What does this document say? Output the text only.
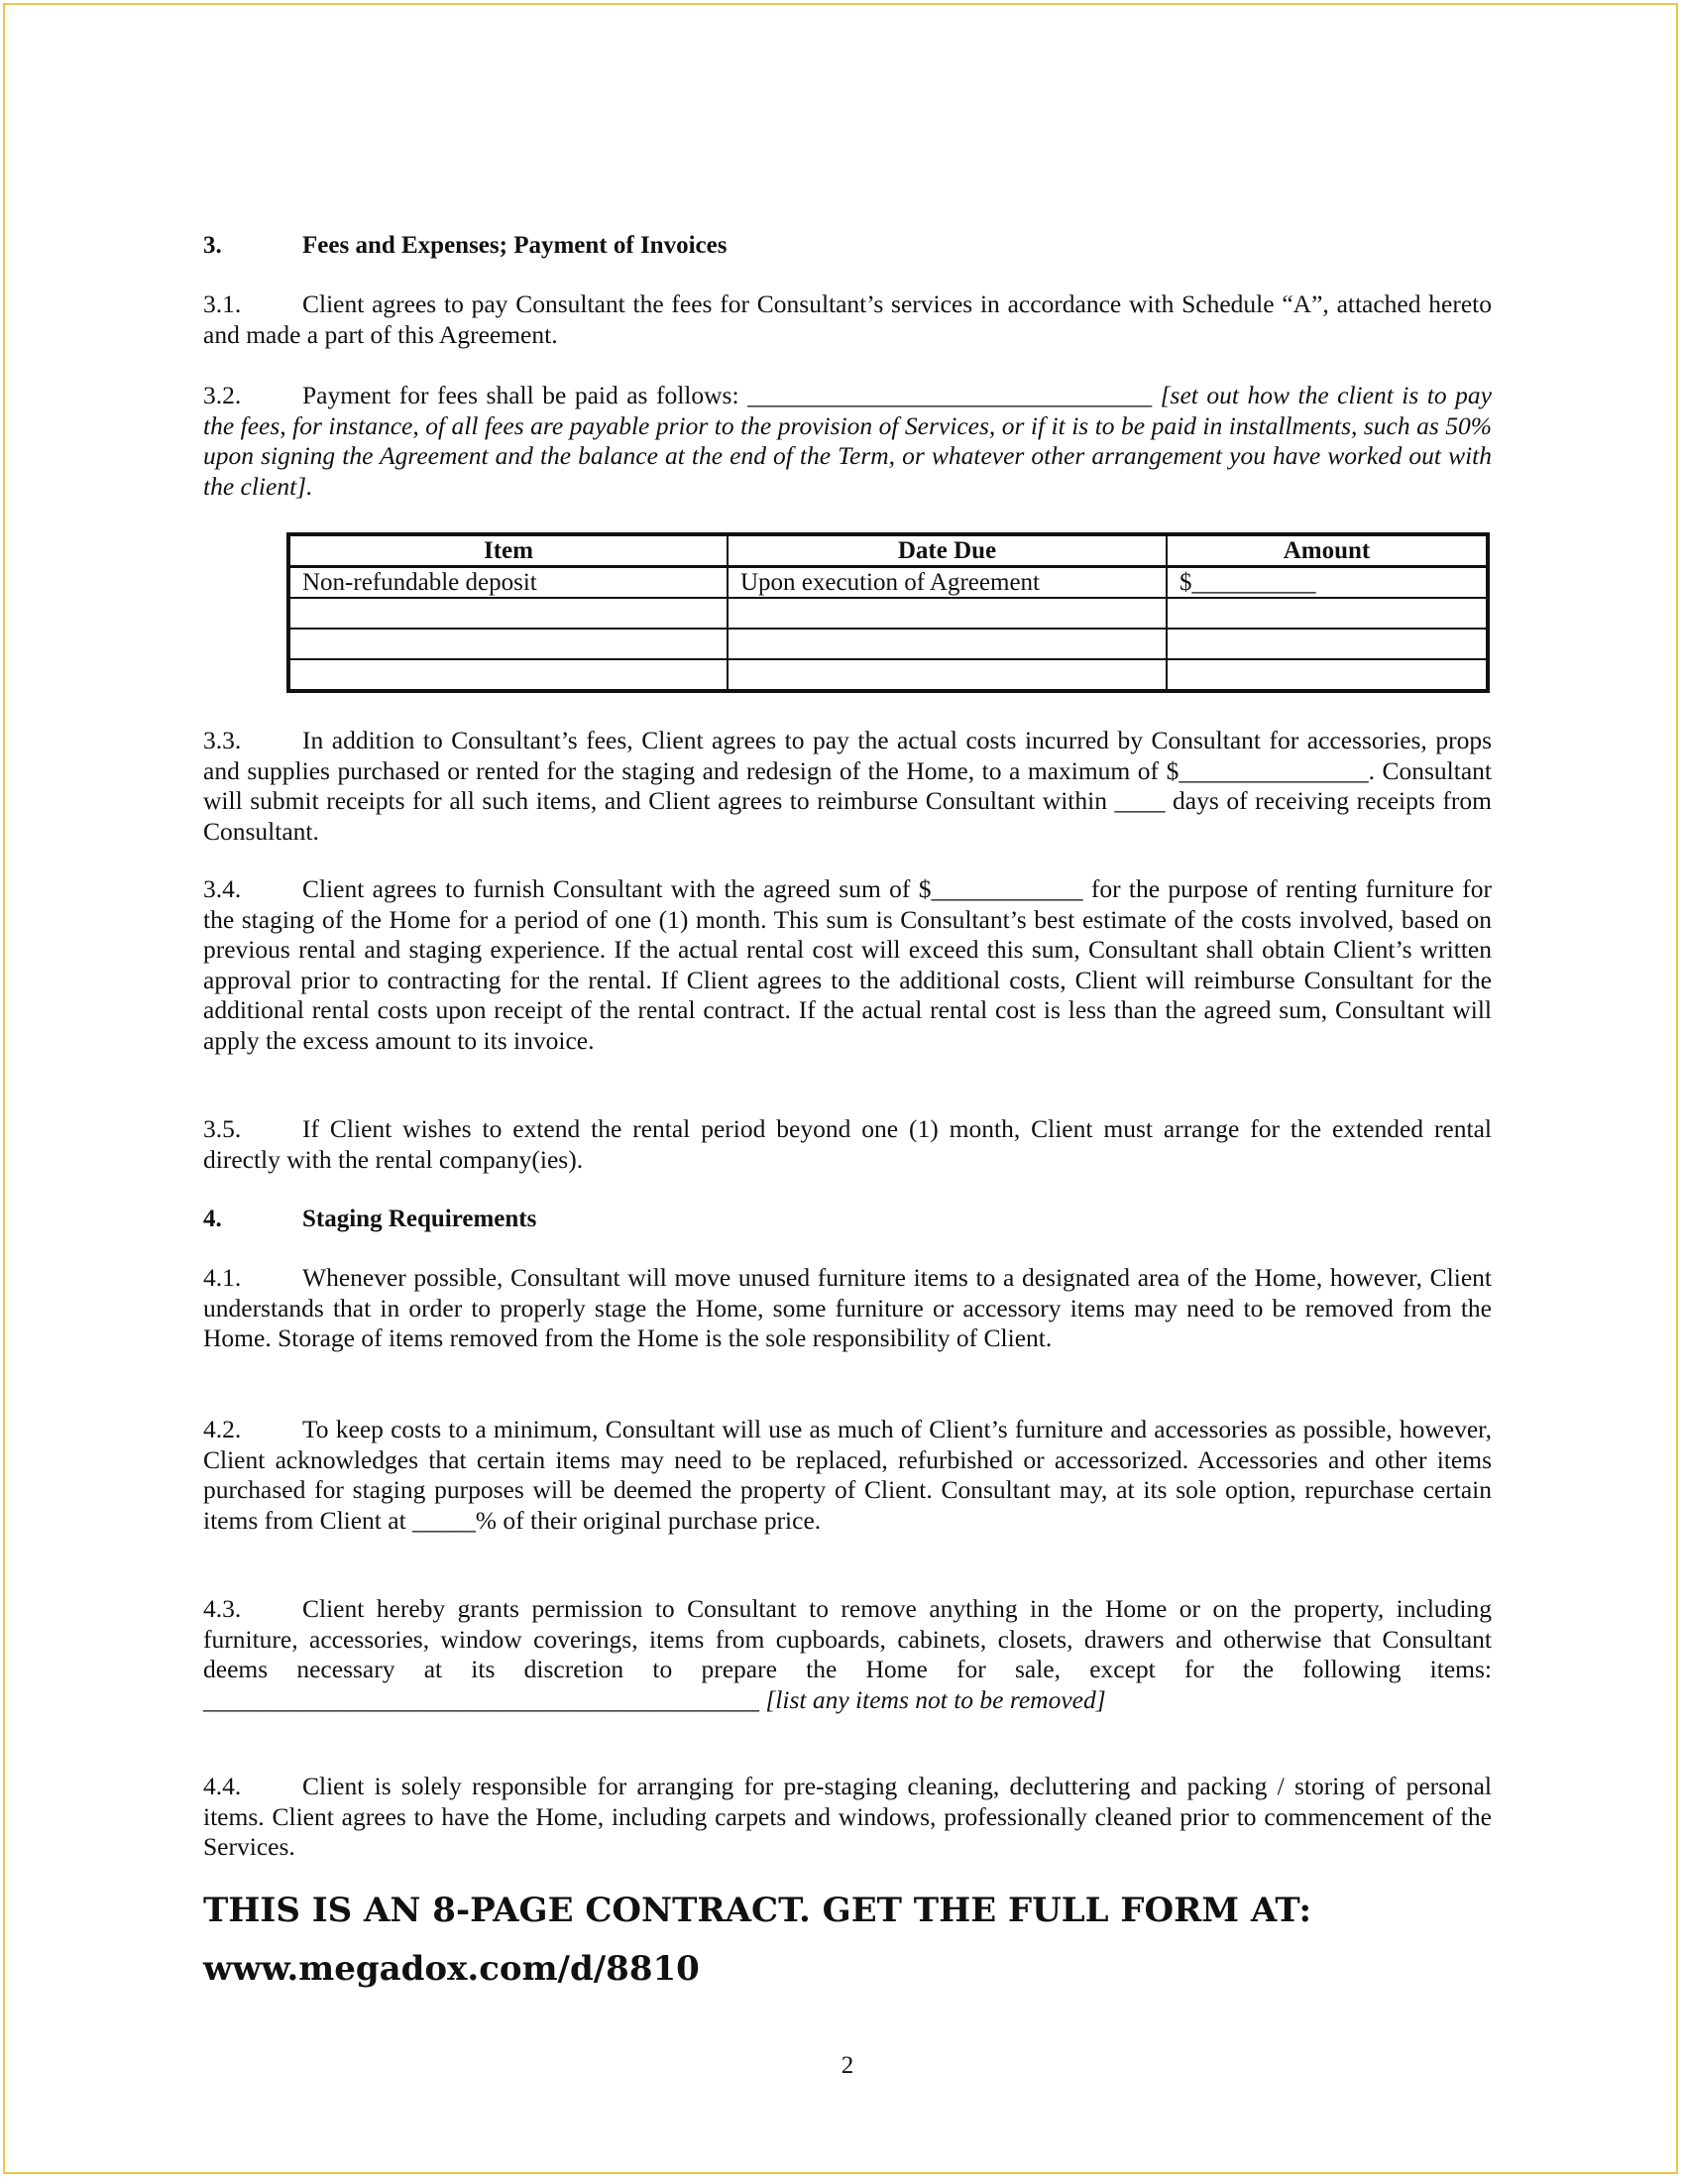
3.	Fees and Expenses; Payment of Invoices

3.1. Client agrees to pay Consultant the fees for Consultant’s services in accordance with Schedule “A”, attached hereto and made a part of this Agreement.

3.2. Payment for fees shall be paid as follows: ________________________________ [set out how the client is to pay the fees, for instance, of all fees are payable prior to the provision of Services, or if it is to be paid in installments, such as 50% upon signing the Agreement and the balance at the end of the Term, or whatever other arrangement you have worked out with the client].

Item	Date Due	Amount
Non-refundable deposit	Upon execution of Agreement	$__________

3.3. In addition to Consultant’s fees, Client agrees to pay the actual costs incurred by Consultant for accessories, props and supplies purchased or rented for the staging and redesign of the Home, to a maximum of $_______________. Consultant will submit receipts for all such items, and Client agrees to reimburse Consultant within ____ days of receiving receipts from Consultant.

3.4. Client agrees to furnish Consultant with the agreed sum of $____________ for the purpose of renting furniture for the staging of the Home for a period of one (1) month. This sum is Consultant’s best estimate of the costs involved, based on previous rental and staging experience. If the actual rental cost will exceed this sum, Consultant shall obtain Client’s written approval prior to contracting for the rental. If Client agrees to the additional costs, Client will reimburse Consultant for the additional rental costs upon receipt of the rental contract. If the actual rental cost is less than the agreed sum, Consultant will apply the excess amount to its invoice.

3.5. If Client wishes to extend the rental period beyond one (1) month, Client must arrange for the extended rental directly with the rental company(ies).

4.	Staging Requirements

4.1. Whenever possible, Consultant will move unused furniture items to a designated area of the Home, however, Client understands that in order to properly stage the Home, some furniture or accessory items may need to be removed from the Home. Storage of items removed from the Home is the sole responsibility of Client.

4.2. To keep costs to a minimum, Consultant will use as much of Client’s furniture and accessories as possible, however, Client acknowledges that certain items may need to be replaced, refurbished or accessorized. Accessories and other items purchased for staging purposes will be deemed the property of Client. Consultant may, at its sole option, repurchase certain items from Client at _____% of their original purchase price.

4.3. Client hereby grants permission to Consultant to remove anything in the Home or on the property, including furniture, accessories, window coverings, items from cupboards, cabinets, closets, drawers and otherwise that Consultant deems necessary at its discretion to prepare the Home for sale, except for the following items: ____________________________________________ [list any items not to be removed]

4.4. Client is solely responsible for arranging for pre-staging cleaning, decluttering and packing / storing of personal items. Client agrees to have the Home, including carpets and windows, professionally cleaned prior to commencement of the Services.

THIS IS AN 8-PAGE CONTRACT. GET THE FULL FORM AT:
www.megadox.com/d/8810
2
